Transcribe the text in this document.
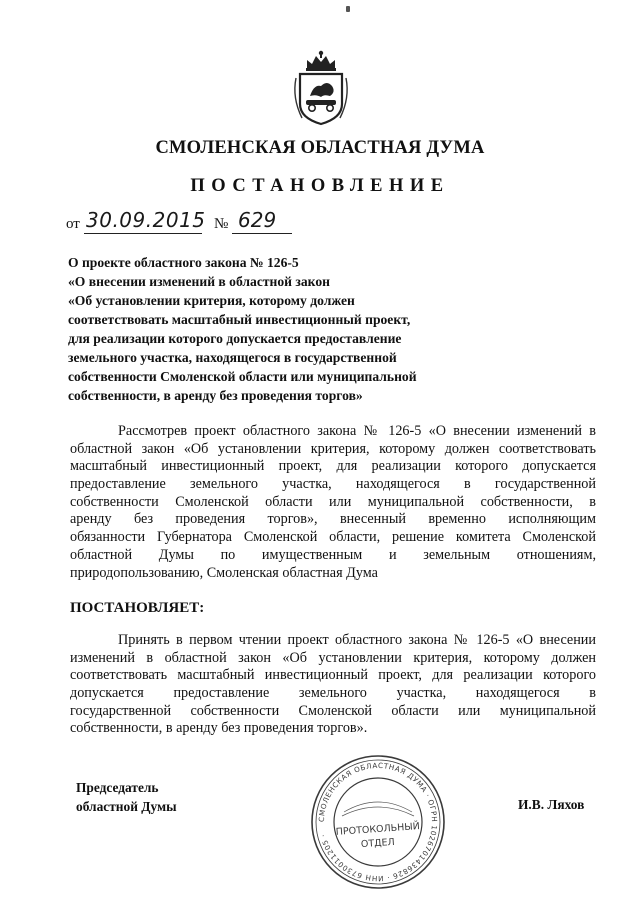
СМОЛЕНСКАЯ ОБЛАСТНАЯ ДУМА
ПОСТАНОВЛЕНИЕ
от 30.09.2015 № 629
О проекте областного закона № 126-5
«О внесении изменений в областной закон
«Об установлении критерия, которому должен
соответствовать масштабный инвестиционный проект,
для реализации которого допускается предоставление
земельного участка, находящегося в государственной
собственности Смоленской области или муниципальной
собственности, в аренду без проведения торгов»
Рассмотрев проект областного закона № 126-5 «О внесении изменений в
областной закон «Об установлении критерия, которому должен соответствовать
масштабный инвестиционный проект, для реализации которого допускается
предоставление земельного участка, находящегося в государственной
собственности Смоленской области или муниципальной собственности, в
аренду без проведения торгов», внесенный временно исполняющим
обязанности Губернатора Смоленской области, решение комитета Смоленской
областной Думы по имущественным и земельным отношениям,
природопользованию, Смоленская областная Дума
ПОСТАНОВЛЯЕТ:
Принять в первом чтении проект областного закона № 126-5 «О внесении
изменений в областной закон «Об установлении критерия, которому должен
соответствовать масштабный инвестиционный проект, для реализации которого
допускается предоставление земельного участка, находящегося в
государственной собственности Смоленской области или муниципальной
собственности, в аренду без проведения торгов».
Председатель
областной Думы
СМОЛЕНСКАЯ ОБЛАСТНАЯ ДУМА · ОГРН 1026701436826 · ИНН 6730011205 · ПРОТОКОЛЬНЫЙ
ОТДЕЛ
И.В. Ляхов
